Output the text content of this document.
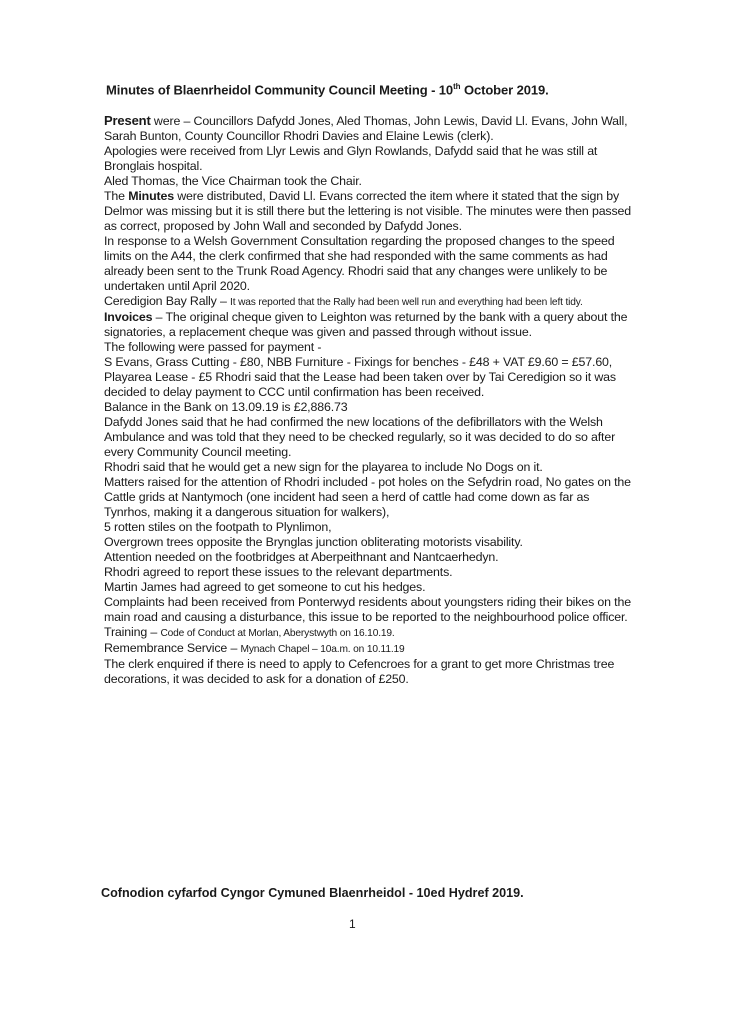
Minutes of Blaenrheidol Community Council Meeting - 10th October 2019.

Present were – Councillors Dafydd Jones, Aled Thomas, John Lewis, David Ll. Evans, John Wall, Sarah Bunton, County Councillor Rhodri Davies and Elaine Lewis (clerk).

Apologies were received from Llyr Lewis and Glyn Rowlands, Dafydd said that he was still at Bronglais hospital.

Aled Thomas, the Vice Chairman took the Chair.

The Minutes were distributed, David Ll. Evans corrected the item where it stated that the sign by Delmor was missing but it is still there but the lettering is not visible. The minutes were then passed as correct, proposed by John Wall and seconded by Dafydd Jones.

In response to a Welsh Government Consultation regarding the proposed changes to the speed limits on the A44, the clerk confirmed that she had responded with the same comments as had already been sent to the Trunk Road Agency. Rhodri said that any changes were unlikely to be undertaken until April 2020.

Ceredigion Bay Rally – It was reported that the Rally had been well run and everything had been left tidy.

Invoices – The original cheque given to Leighton was returned by the bank with a query about the signatories, a replacement cheque was given and passed through without issue.

The following were passed for payment -

S Evans, Grass Cutting - £80, NBB Furniture - Fixings for benches - £48 + VAT £9.60 = £57.60,

Playarea Lease - £5 Rhodri said that the Lease had been taken over by Tai Ceredigion so it was decided to delay payment to CCC until confirmation has been received.

Balance in the Bank on 13.09.19 is £2,886.73

Dafydd Jones said that he had confirmed the new locations of the defibrillators with the Welsh Ambulance and was told that they need to be checked regularly, so it was decided to do so after every Community Council meeting.

Rhodri said that he would get a new sign for the playarea to include No Dogs on it.

Matters raised for the attention of Rhodri included - pot holes on the Sefydrin road, No gates on the Cattle grids at Nantymoch (one incident had seen a herd of cattle had come down as far as Tynrhos, making it a dangerous situation for walkers),

5 rotten stiles on the footpath to Plynlimon,

Overgrown trees opposite the Brynglas junction obliterating motorists visability.

Attention needed on the footbridges at Aberpeithnant and Nantcaerhedyn.

Rhodri agreed to report these issues to the relevant departments.

Martin James had agreed to get someone to cut his hedges.

Complaints had been received from Ponterwyd residents about youngsters riding their bikes on the main road and causing a disturbance, this issue to be reported to the neighbourhood police officer.

Training – Code of Conduct at Morlan, Aberystwyth on 16.10.19.

Remembrance Service – Mynach Chapel – 10a.m. on 10.11.19

The clerk enquired if there is need to apply to Cefencroes for a grant to get more Christmas tree decorations, it was decided to ask for a donation of £250.

Cofnodion cyfarfod Cyngor Cymuned Blaenrheidol - 10ed Hydref 2019.
1
